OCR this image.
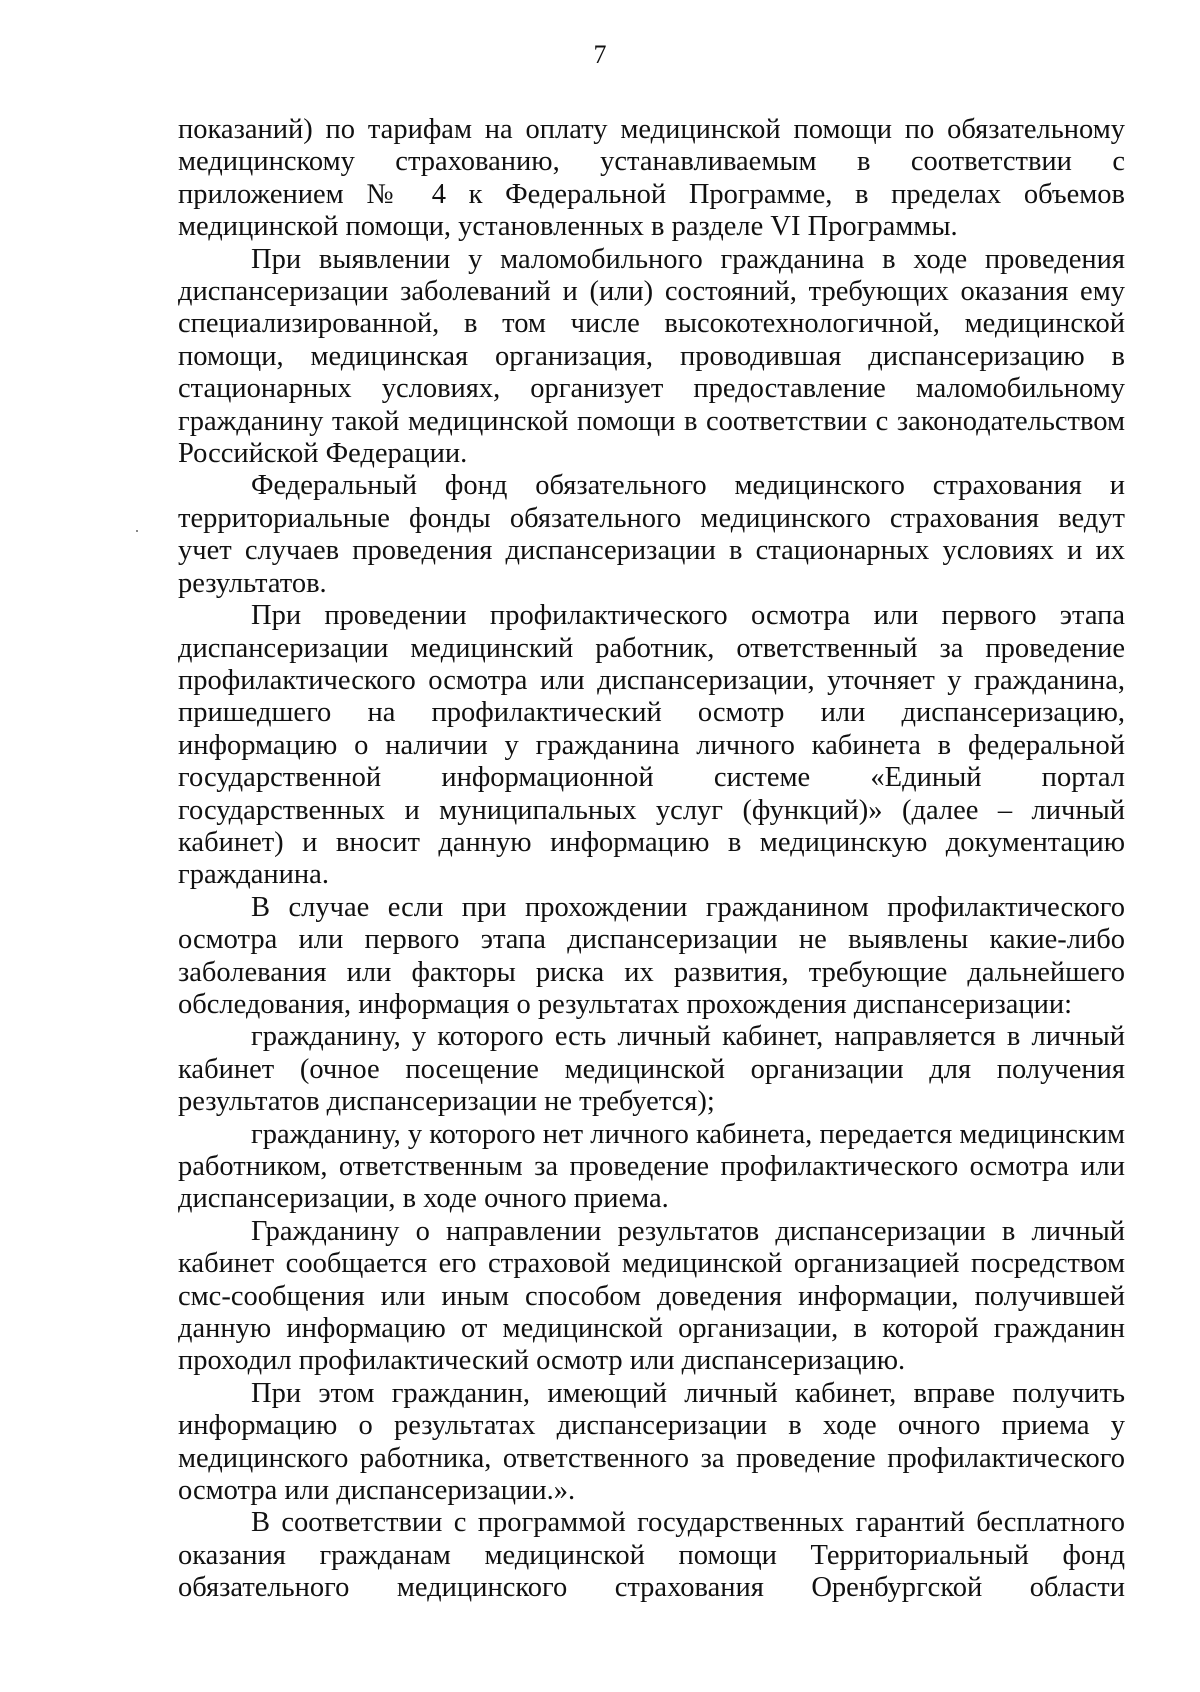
7

показаний) по тарифам на оплату медицинской помощи по обязательному медицинскому страхованию, устанавливаемым в соответствии с приложением № 4 к Федеральной Программе, в пределах объемов медицинской помощи, установленных в разделе VI Программы.

При выявлении у маломобильного гражданина в ходе проведения диспансеризации заболеваний и (или) состояний, требующих оказания ему специализированной, в том числе высокотехнологичной, медицинской помощи, медицинская организация, проводившая диспансеризацию в стационарных условиях, организует предоставление маломобильному гражданину такой медицинской помощи в соответствии с законодательством Российской Федерации.

Федеральный фонд обязательного медицинского страхования и территориальные фонды обязательного медицинского страхования ведут учет случаев проведения диспансеризации в стационарных условиях и их результатов.

При проведении профилактического осмотра или первого этапа диспансеризации медицинский работник, ответственный за проведение профилактического осмотра или диспансеризации, уточняет у гражданина, пришедшего на профилактический осмотр или диспансеризацию, информацию о наличии у гражданина личного кабинета в федеральной государственной информационной системе «Единый портал государственных и муниципальных услуг (функций)» (далее – личный кабинет) и вносит данную информацию в медицинскую документацию гражданина.

В случае если при прохождении гражданином профилактического осмотра или первого этапа диспансеризации не выявлены какие-либо заболевания или факторы риска их развития, требующие дальнейшего обследования, информация о результатах прохождения диспансеризации:

гражданину, у которого есть личный кабинет, направляется в личный кабинет (очное посещение медицинской организации для получения результатов диспансеризации не требуется);

гражданину, у которого нет личного кабинета, передается медицинским работником, ответственным за проведение профилактического осмотра или диспансеризации, в ходе очного приема.

Гражданину о направлении результатов диспансеризации в личный кабинет сообщается его страховой медицинской организацией посредством смс-сообщения или иным способом доведения информации, получившей данную информацию от медицинской организации, в которой гражданин проходил профилактический осмотр или диспансеризацию.

При этом гражданин, имеющий личный кабинет, вправе получить информацию о результатах диспансеризации в ходе очного приема у медицинского работника, ответственного за проведение профилактического осмотра или диспансеризации.».

В соответствии с программой государственных гарантий бесплатного оказания гражданам медицинской помощи Территориальный фонд обязательного медицинского страхования Оренбургской области
